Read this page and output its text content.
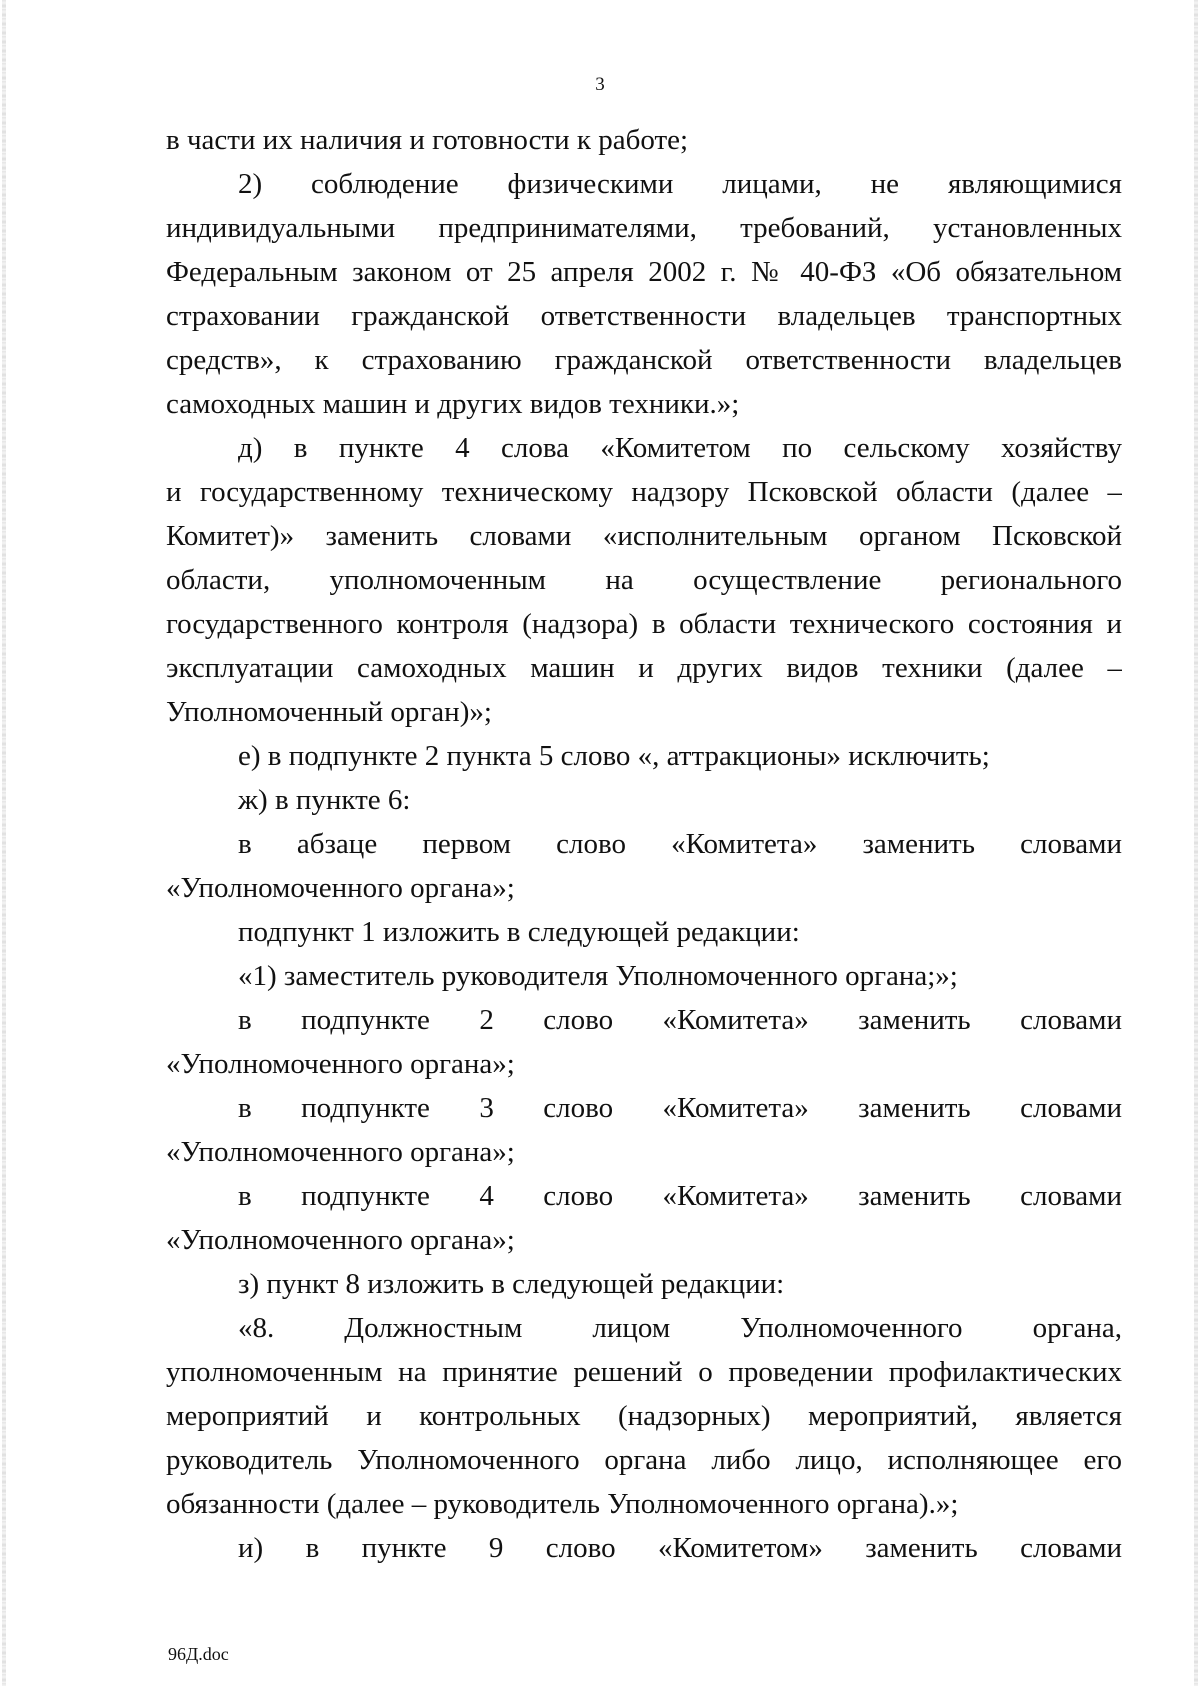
3
в части их наличия и готовности к работе;
2) соблюдение физическими лицами, не являющимися
индивидуальными предпринимателями, требований, установленных
Федеральным законом от 25 апреля 2002 г. № 40-ФЗ «Об обязательном
страховании гражданской ответственности владельцев транспортных
средств», к страхованию гражданской ответственности владельцев
самоходных машин и других видов техники.»;
д) в пункте 4 слова «Комитетом по сельскому хозяйству
и государственному техническому надзору Псковской области (далее –
Комитет)» заменить словами «исполнительным органом Псковской
области, уполномоченным на осуществление регионального
государственного контроля (надзора) в области технического состояния и
эксплуатации самоходных машин и других видов техники (далее –
Уполномоченный орган)»;
е) в подпункте 2 пункта 5 слово «, аттракционы» исключить;
ж) в пункте 6:
в абзаце первом слово «Комитета» заменить словами
«Уполномоченного органа»;
подпункт 1 изложить в следующей редакции:
«1) заместитель руководителя Уполномоченного органа;»;
в подпункте 2 слово «Комитета» заменить словами
«Уполномоченного органа»;
в подпункте 3 слово «Комитета» заменить словами
«Уполномоченного органа»;
в подпункте 4 слово «Комитета» заменить словами
«Уполномоченного органа»;
з) пункт 8 изложить в следующей редакции:
«8. Должностным лицом Уполномоченного органа,
уполномоченным на принятие решений о проведении профилактических
мероприятий и контрольных (надзорных) мероприятий, является
руководитель Уполномоченного органа либо лицо, исполняющее его
обязанности (далее – руководитель Уполномоченного органа).»;
и) в пункте 9 слово «Комитетом» заменить словами
96Д.doc
